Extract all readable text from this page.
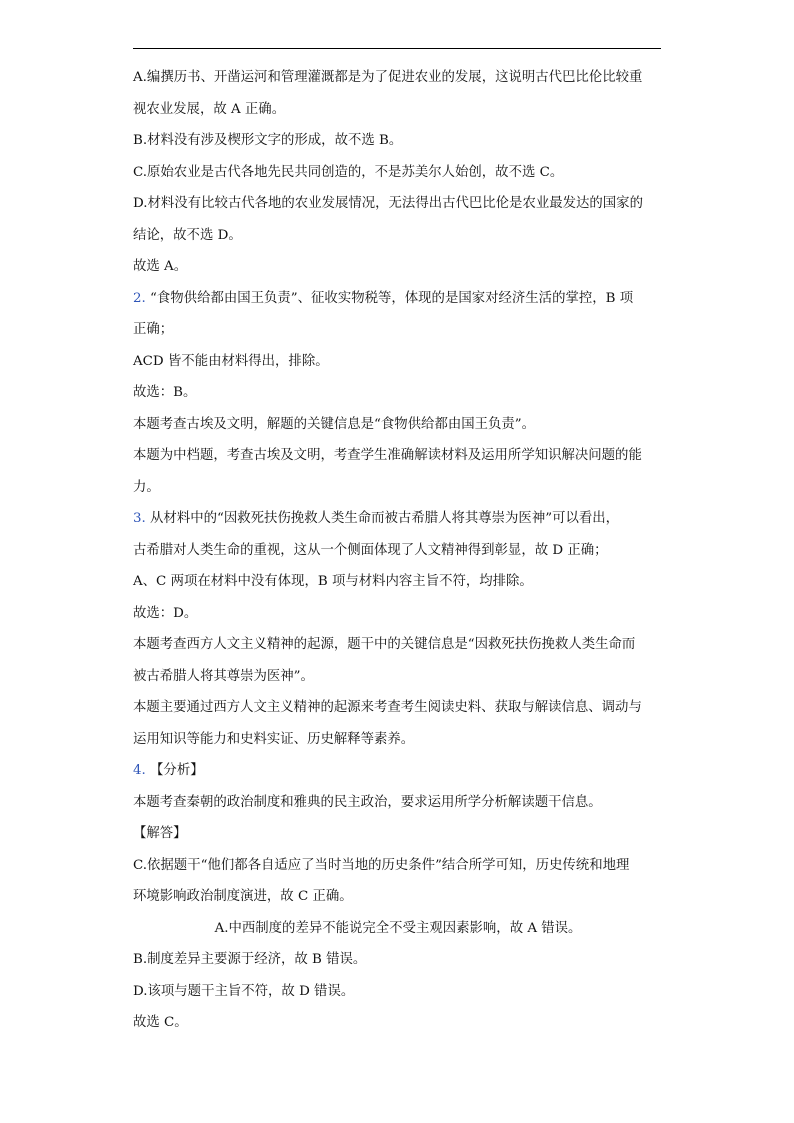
A.编撰历书、开凿运河和管理灌溉都是为了促进农业的发展，这说明古代巴比伦比较重
视农业发展，故 A 正确。
B.材料没有涉及楔形文字的形成，故不选 B。
C.原始农业是古代各地先民共同创造的，不是苏美尔人始创，故不选 C。
D.材料没有比较古代各地的农业发展情况，无法得出古代巴比伦是农业最发达的国家的
结论，故不选 D。
故选 A。
2. “食物供给都由国王负责”、征收实物税等，体现的是国家对经济生活的掌控，B 项
正确；
ACD 皆不能由材料得出，排除。
故选：B。
本题考查古埃及文明，解题的关键信息是“食物供给都由国王负责”。
本题为中档题，考查古埃及文明，考查学生准确解读材料及运用所学知识解决问题的能
力。
3. 从材料中的“因救死扶伤挽救人类生命而被古希腊人将其尊崇为医神”可以看出，
古希腊对人类生命的重视，这从一个侧面体现了人文精神得到彰显，故 D 正确；
A、C 两项在材料中没有体现，B 项与材料内容主旨不符，均排除。
故选：D。
本题考查西方人文主义精神的起源，题干中的关键信息是“因救死扶伤挽救人类生命而
被古希腊人将其尊崇为医神”。
本题主要通过西方人文主义精神的起源来考查考生阅读史料、获取与解读信息、调动与
运用知识等能力和史料实证、历史解释等素养。
4. 【分析】
本题考查秦朝的政治制度和雅典的民主政治，要求运用所学分析解读题干信息。
【解答】
C.依据题干“他们都各自适应了当时当地的历史条件”结合所学可知，历史传统和地理
环境影响政治制度演进，故 C 正确。
A.中西制度的差异不能说完全不受主观因素影响，故 A 错误。
B.制度差异主要源于经济，故 B 错误。
D.该项与题干主旨不符，故 D 错误。
故选 C。
